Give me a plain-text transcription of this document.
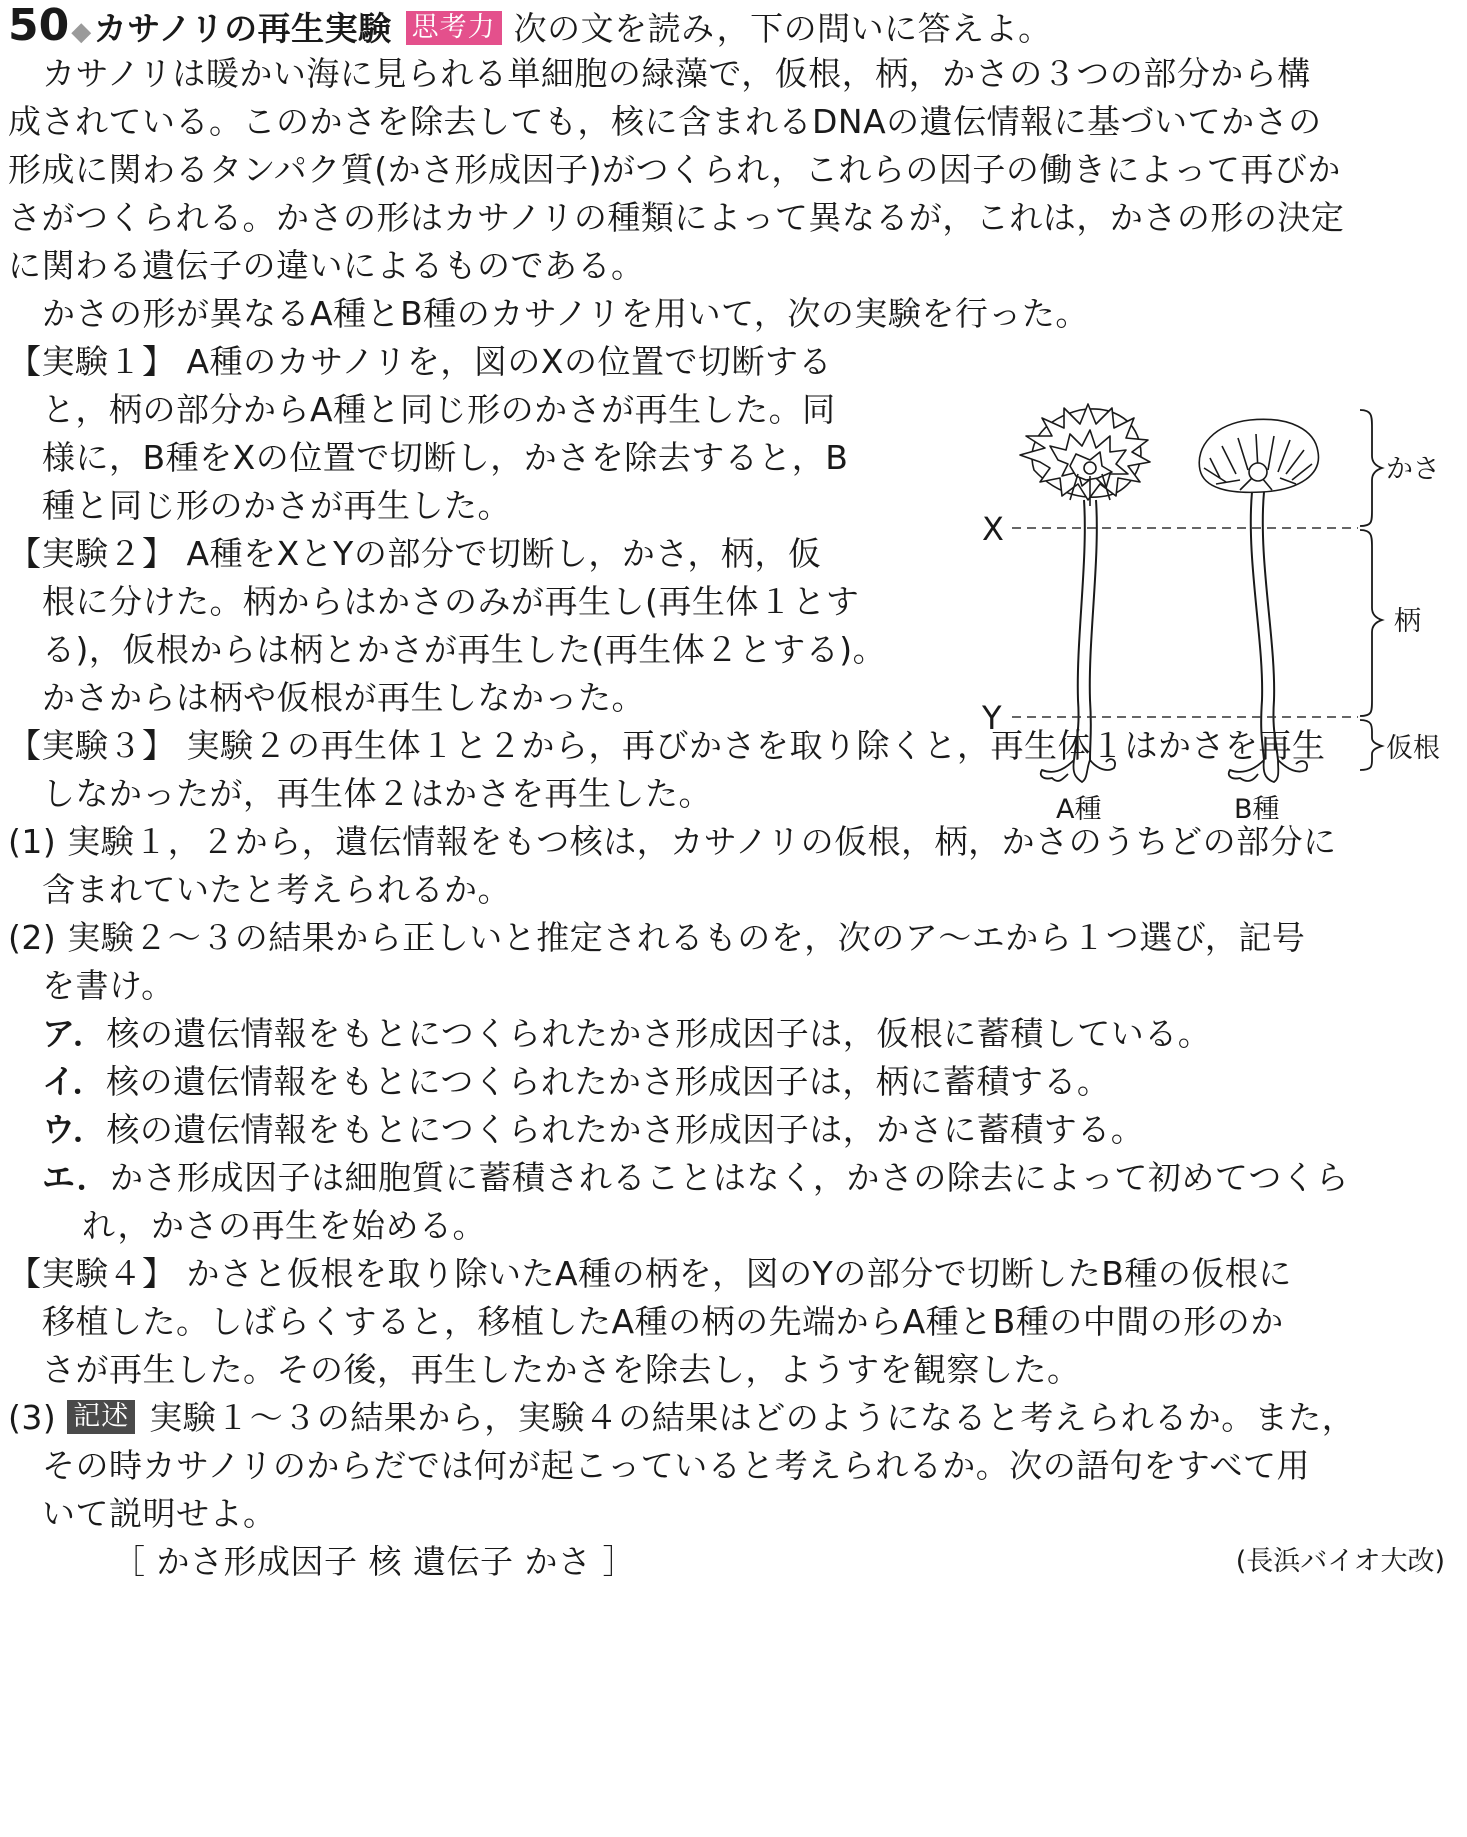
50◆カサノリの再生実験 思考力 次の文を読み，下の問いに答えよ。
カサノリは暖かい海に見られる単細胞の緑藻で，仮根，柄，かさの３つの部分から構
成されている。このかさを除去しても，核に含まれるDNAの遺伝情報に基づいてかさの
形成に関わるタンパク質(かさ形成因子)がつくられ，これらの因子の働きによって再びか
さがつくられる。かさの形はカサノリの種類によって異なるが，これは，かさの形の決定
に関わる遺伝子の違いによるものである。
かさの形が異なるA種とB種のカサノリを用いて，次の実験を行った。
【実験１】 A種のカサノリを，図のXの位置で切断する
と，柄の部分からA種と同じ形のかさが再生した。同
様に，B種をXの位置で切断し，かさを除去すると，B
種と同じ形のかさが再生した。
【実験２】 A種をXとYの部分で切断し，かさ，柄，仮
根に分けた。柄からはかさのみが再生し(再生体１とす
る)，仮根からは柄とかさが再生した(再生体２とする)。
かさからは柄や仮根が再生しなかった。
【実験３】 実験２の再生体１と２から，再びかさを取り除くと，再生体１はかさを再生
しなかったが，再生体２はかさを再生した。
(1) 実験１，２から，遺伝情報をもつ核は，カサノリの仮根，柄，かさのうちどの部分に
含まれていたと考えられるか。
(2) 実験２～３の結果から正しいと推定されるものを，次のア～エから１つ選び，記号
を書け。
ア．核の遺伝情報をもとにつくられたかさ形成因子は，仮根に蓄積している。
イ．核の遺伝情報をもとにつくられたかさ形成因子は，柄に蓄積する。
ウ．核の遺伝情報をもとにつくられたかさ形成因子は，かさに蓄積する。
エ．かさ形成因子は細胞質に蓄積されることはなく，かさの除去によって初めてつくら
れ，かさの再生を始める。
【実験４】 かさと仮根を取り除いたA種の柄を，図のYの部分で切断したB種の仮根に
移植した。しばらくすると，移植したA種の柄の先端からA種とB種の中間の形のか
さが再生した。その後，再生したかさを除去し，ようすを観察した。
(3) 記述 実験１～３の結果から，実験４の結果はどのようになると考えられるか。また，
その時カサノリのからだでは何が起こっていると考えられるか。次の語句をすべて用
いて説明せよ。
［ かさ形成因子 核 遺伝子 かさ ］	(長浜バイオ大改)
X
Y
かさ
柄
仮根
A種	B種
